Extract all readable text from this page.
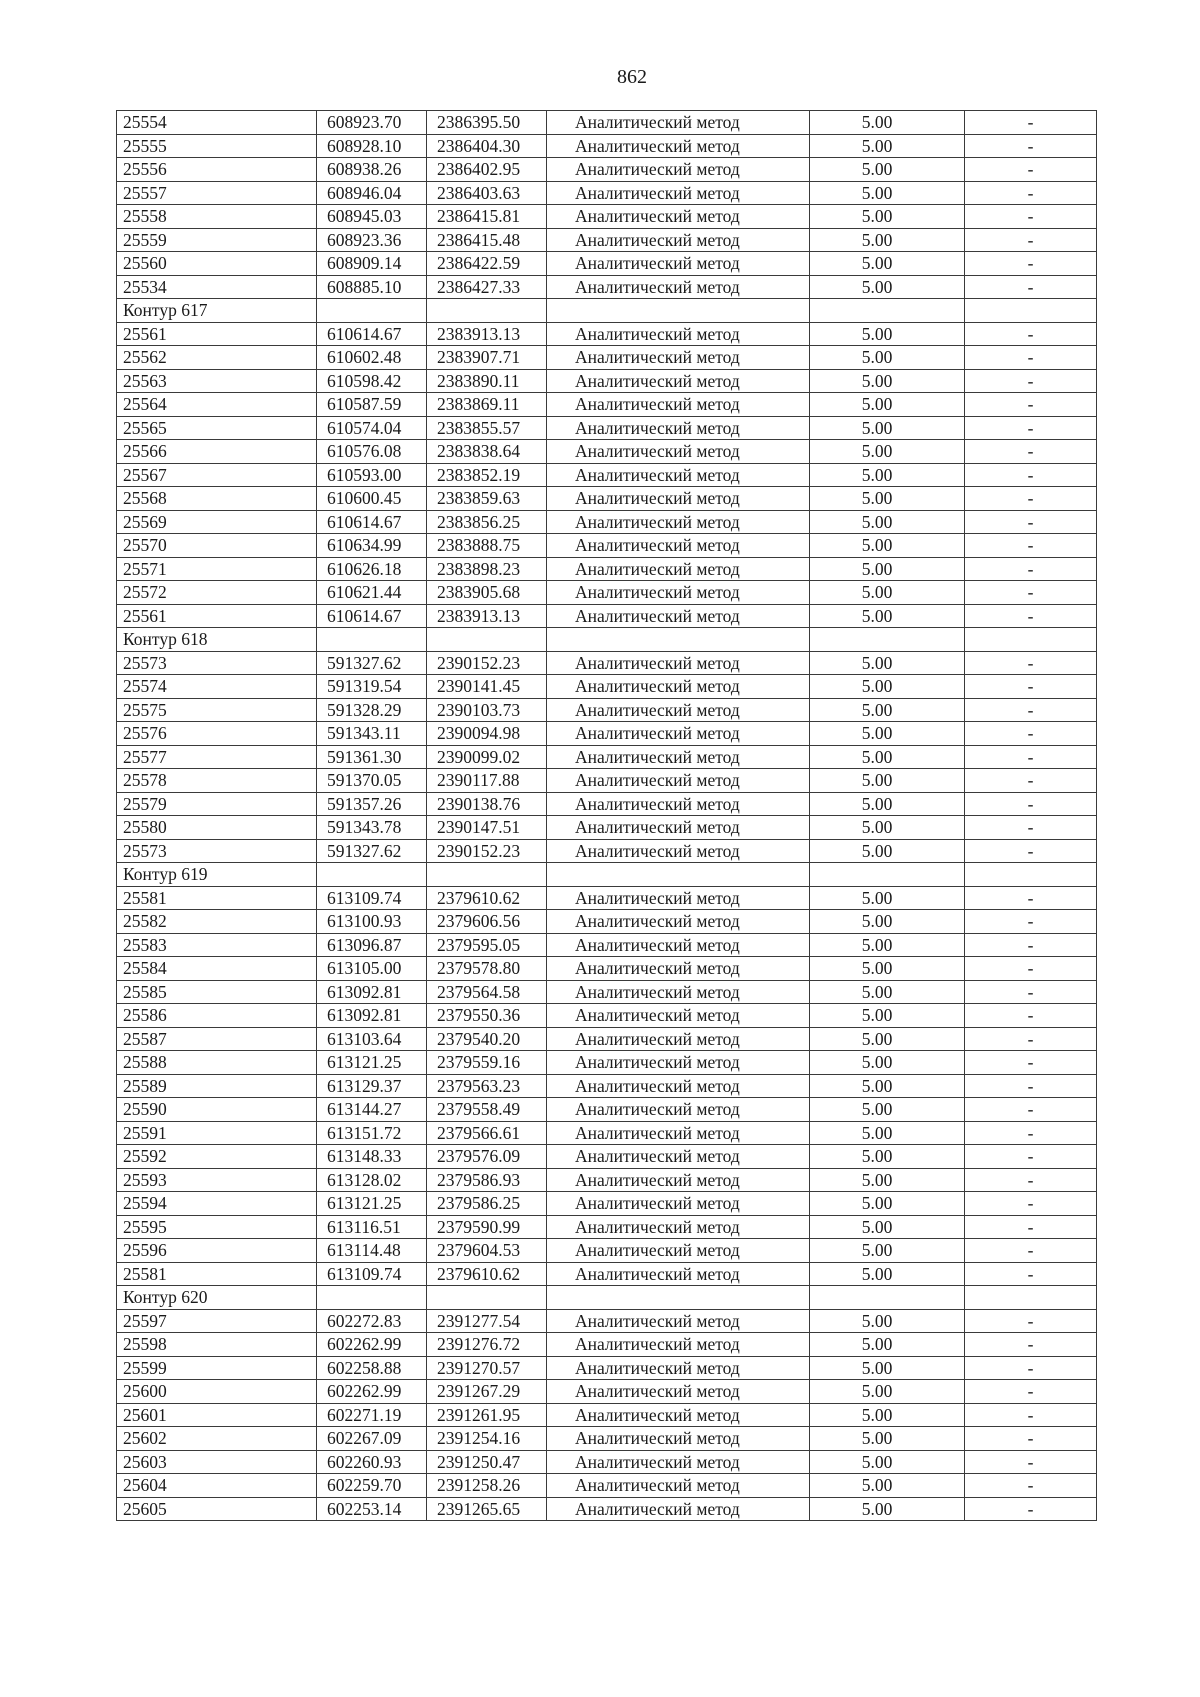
862
25554	608923.70	2386395.50	Аналитический метод	5.00	-
25555	608928.10	2386404.30	Аналитический метод	5.00	-
25556	608938.26	2386402.95	Аналитический метод	5.00	-
25557	608946.04	2386403.63	Аналитический метод	5.00	-
25558	608945.03	2386415.81	Аналитический метод	5.00	-
25559	608923.36	2386415.48	Аналитический метод	5.00	-
25560	608909.14	2386422.59	Аналитический метод	5.00	-
25534	608885.10	2386427.33	Аналитический метод	5.00	-
Контур 617					
25561	610614.67	2383913.13	Аналитический метод	5.00	-
25562	610602.48	2383907.71	Аналитический метод	5.00	-
25563	610598.42	2383890.11	Аналитический метод	5.00	-
25564	610587.59	2383869.11	Аналитический метод	5.00	-
25565	610574.04	2383855.57	Аналитический метод	5.00	-
25566	610576.08	2383838.64	Аналитический метод	5.00	-
25567	610593.00	2383852.19	Аналитический метод	5.00	-
25568	610600.45	2383859.63	Аналитический метод	5.00	-
25569	610614.67	2383856.25	Аналитический метод	5.00	-
25570	610634.99	2383888.75	Аналитический метод	5.00	-
25571	610626.18	2383898.23	Аналитический метод	5.00	-
25572	610621.44	2383905.68	Аналитический метод	5.00	-
25561	610614.67	2383913.13	Аналитический метод	5.00	-
Контур 618					
25573	591327.62	2390152.23	Аналитический метод	5.00	-
25574	591319.54	2390141.45	Аналитический метод	5.00	-
25575	591328.29	2390103.73	Аналитический метод	5.00	-
25576	591343.11	2390094.98	Аналитический метод	5.00	-
25577	591361.30	2390099.02	Аналитический метод	5.00	-
25578	591370.05	2390117.88	Аналитический метод	5.00	-
25579	591357.26	2390138.76	Аналитический метод	5.00	-
25580	591343.78	2390147.51	Аналитический метод	5.00	-
25573	591327.62	2390152.23	Аналитический метод	5.00	-
Контур 619					
25581	613109.74	2379610.62	Аналитический метод	5.00	-
25582	613100.93	2379606.56	Аналитический метод	5.00	-
25583	613096.87	2379595.05	Аналитический метод	5.00	-
25584	613105.00	2379578.80	Аналитический метод	5.00	-
25585	613092.81	2379564.58	Аналитический метод	5.00	-
25586	613092.81	2379550.36	Аналитический метод	5.00	-
25587	613103.64	2379540.20	Аналитический метод	5.00	-
25588	613121.25	2379559.16	Аналитический метод	5.00	-
25589	613129.37	2379563.23	Аналитический метод	5.00	-
25590	613144.27	2379558.49	Аналитический метод	5.00	-
25591	613151.72	2379566.61	Аналитический метод	5.00	-
25592	613148.33	2379576.09	Аналитический метод	5.00	-
25593	613128.02	2379586.93	Аналитический метод	5.00	-
25594	613121.25	2379586.25	Аналитический метод	5.00	-
25595	613116.51	2379590.99	Аналитический метод	5.00	-
25596	613114.48	2379604.53	Аналитический метод	5.00	-
25581	613109.74	2379610.62	Аналитический метод	5.00	-
Контур 620					
25597	602272.83	2391277.54	Аналитический метод	5.00	-
25598	602262.99	2391276.72	Аналитический метод	5.00	-
25599	602258.88	2391270.57	Аналитический метод	5.00	-
25600	602262.99	2391267.29	Аналитический метод	5.00	-
25601	602271.19	2391261.95	Аналитический метод	5.00	-
25602	602267.09	2391254.16	Аналитический метод	5.00	-
25603	602260.93	2391250.47	Аналитический метод	5.00	-
25604	602259.70	2391258.26	Аналитический метод	5.00	-
25605	602253.14	2391265.65	Аналитический метод	5.00	-
